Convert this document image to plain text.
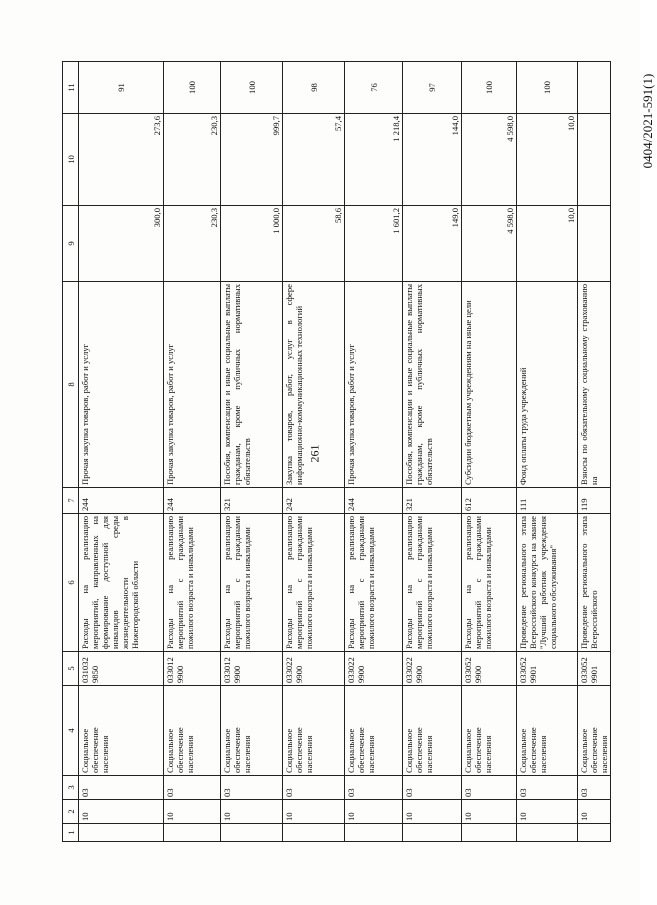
261
0404/2021-591(1)
1	2	3	4	5	6	7	8	9	10	11
	10	03	Социальное обеспечение населения	031032 9850	Расходы на реализацию мероприятий, направленных на формирование доступной для инвалидов среды жизнедеятельности в Нижегородской области	244	Прочая закупка товаров, работ и услуг	300,0	273,6	91
	10	03	Социальное обеспечение населения	033012 9900	Расходы на реализацию мероприятий с гражданами пожилого возраста и инвалидами	244	Прочая закупка товаров, работ и услуг	230,3	230,3	100
	10	03	Социальное обеспечение населения	033012 9900	Расходы на реализацию мероприятий с гражданами пожилого возраста и инвалидами	321	Пособия, компенсации и иные социальные выплаты гражданам, кроме публичных нормативных обязательств	1 000,0	999,7	100
	10	03	Социальное обеспечение населения	033022 9900	Расходы на реализацию мероприятий с гражданами пожилого возраста и инвалидами	242	Закупка товаров, работ, услуг в сфере информационно-коммуникационных технологий	58,6	57,4	98
	10	03	Социальное обеспечение населения	033022 9900	Расходы на реализацию мероприятий с гражданами пожилого возраста и инвалидами	244	Прочая закупка товаров, работ и услуг	1 601,2	1 218,4	76
	10	03	Социальное обеспечение населения	033022 9900	Расходы на реализацию мероприятий с гражданами пожилого возраста и инвалидами	321	Пособия, компенсации и иные социальные выплаты гражданам, кроме публичных нормативных обязательств	149,0	144,0	97
	10	03	Социальное обеспечение населения	033052 9900	Расходы на реализацию мероприятий с гражданами пожилого возраста и инвалидами	612	Субсидии бюджетным учреждениям на иные цели	4 598,0	4 598,0	100
	10	03	Социальное обеспечение населения	033052 9901	Проведение регионального этапа Всероссийского конкурса на звание "Лучший работник учреждения социального обслуживания"	111	Фонд оплаты труда учреждений	10,0	10,0	100
	10	03	Социальное обеспечение населения	033052 9901	Проведение регионального этапа Всероссийского	119	Взносы по обязательному социальному страхованию на			
